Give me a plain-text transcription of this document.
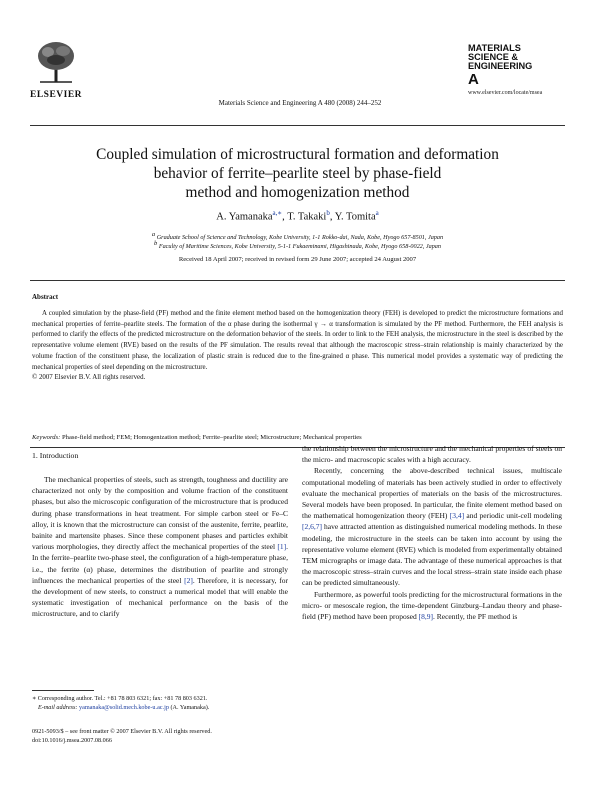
ELSEVIER
Materials Science and Engineering A 480 (2008) 244–252
MATERIALS
SCIENCE &
ENGINEERING
A
www.elsevier.com/locate/msea
Coupled simulation of microstructural formation and deformation
behavior of ferrite–pearlite steel by phase-field
method and homogenization method
A. Yamanaka$^{a,∗}$, T. Takaki$^b$, Y. Tomita$^a$
$^a$ Graduate School of Science and Technology, Kobe University, 1-1 Rokko-dai, Nada, Kobe, Hyogo 657-8501, Japan
$^b$ Faculty of Maritime Sciences, Kobe University, 5-1-1 Fukaeminami, Higashinada, Kobe, Hyogo 658-0022, Japan
Received 18 April 2007; received in revised form 29 June 2007; accepted 24 August 2007
Abstract

A coupled simulation by the phase-field (PF) method and the finite element method based on the homogenization theory (FEH) is developed to predict the microstructure formations and mechanical properties of ferrite–pearlite steels. The formation of the α phase during the isothermal γ → α transformation is simulated by the PF method. Furthermore, the FEH analysis is performed to clarify the effects of the predicted microstructure on the deformation behavior of the steels. In order to link to the FEH analysis, the microstructure in the steel is described by the representative volume element (RVE) based on the results of the PF simulation. The results reveal that although the macroscopic stress–strain relationship is mainly characterized by the volume fraction of the constituent phase, the localization of plastic strain is reduced due to the fine-grained α phase. This numerical model provides a systematic way of predicting the mechanical properties of steel depending on the microstructure.

© 2007 Elsevier B.V. All rights reserved.

Keywords: Phase-field method; FEM; Homogenization method; Ferrite–pearlite steel; Microstructure; Mechanical properties
1. Introduction

The mechanical properties of steels, such as strength, toughness and ductility are characterized not only by the composition and volume fraction of the constituent phases, but also the microscopic configuration of the microstructure that is produced during phase transformations in heat treatment. For simple carbon steel or Fe–C alloy, it is known that the microstructure can consist of the austenite, ferrite, pearlite, bainite and martensite phases. Since these component phases and particles exhibit various morphologies, they directly affect the mechanical properties of the steel [1]. In the ferrite–pearlite two-phase steel, the configuration of a high-temperature phase, i.e., the ferrite (α) phase, determines the distribution of pearlite and strongly influences the mechanical properties of the steel [2]. Therefore, it is necessary, for the development of new steels, to construct a numerical model that will enable the systematic investigation of mechanical performance on the basis of the microstructure, and to clarify

the relationship between the microstructure and the mechanical properties of steels on the micro- and macroscopic scales with a high accuracy.

Recently, concerning the above-described technical issues, multiscale computational modeling of materials has been actively studied in order to effectively evaluate the mechanical properties of materials on the basis of the microstructures. Several models have been proposed. In particular, the finite element method based on the mathematical homogenization theory (FEH) [3,4] and periodic unit-cell modeling [2,6,7] have attracted attention as distinguished numerical modeling methods. In these modeling, the microstructure in the steels can be taken into account by using the representative volume element (RVE) which is modeled from experimentally obtained TEM micrographs or image data. The advantage of these numerical approaches is that the macroscopic stress–strain curves and the local stress–strain state inside each phase can be predicted simultaneously.

Furthermore, as powerful tools predicting for the microstructural formations in the micro- or mesoscale region, the time-dependent Ginzburg–Landau theory and phase-field (PF) method have been proposed [8,9]. Recently, the PF method is

∗ Corresponding author. Tel.: +81 78 803 6321; fax: +81 78 803 6321.
E-mail address: yamanaka@solid.mech.kobe-u.ac.jp (A. Yamanaka).
0921-5093/$ – see front matter © 2007 Elsevier B.V. All rights reserved.
doi:10.1016/j.msea.2007.08.066
